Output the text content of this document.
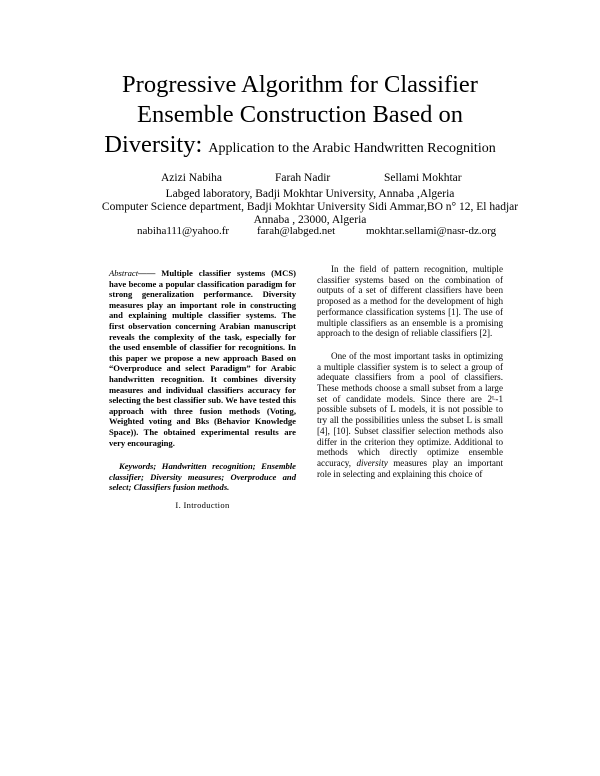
Progressive Algorithm for Classifier
Ensemble Construction Based on
Diversity: Application to the Arabic Handwritten Recognition
Azizi Nabiha	Farah Nadir	Sellami Mokhtar
Labged laboratory, Badji Mokhtar University, Annaba ,Algeria
Computer Science department, Badji Mokhtar University Sidi Ammar,BO n° 12, El hadjar
Annaba , 23000, Algeria
nabiha111@yahoo.fr	farah@labged.net	mokhtar.sellami@nasr-dz.org

Abstract—— Multiple classifier systems (MCS) have become a popular classification paradigm for strong generalization performance. Diversity measures play an important role in constructing and explaining multiple classifier systems. The first observation concerning Arabian manuscript reveals the complexity of the task, especially for the used ensemble of classifier for recognitions. In this paper we propose a new approach Based on “Overproduce and select Paradigm” for Arabic handwritten recognition. It combines diversity measures and individual classifiers accuracy for selecting the best classifier sub. We have tested this approach with three fusion methods (Voting, Weighted voting and Bks (Behavior Knowledge Space)). The obtained experimental results are very encouraging.

Keywords; Handwritten recognition; Ensemble classifier; Diversity measures; Overproduce and select; Classifiers fusion methods.

I. Introduction

In the field of pattern recognition, multiple classifier systems based on the combination of outputs of a set of different classifiers have been proposed as a method for the development of high performance classification systems [1]. The use of multiple classifiers as an ensemble is a promising approach to the design of reliable classifiers [2].

One of the most important tasks in optimizing a multiple classifier system is to select a group of adequate classifiers from a pool of classifiers. These methods choose a small subset from a large set of candidate models. Since there are 2ᴸ-1 possible subsets of L models, it is not possible to try all the possibilities unless the subset L is small [4], [10]. Subset classifier selection methods also differ in the criterion they optimize. Additional to methods which directly optimize ensemble accuracy, diversity measures play an important role in selecting and explaining this choice of
